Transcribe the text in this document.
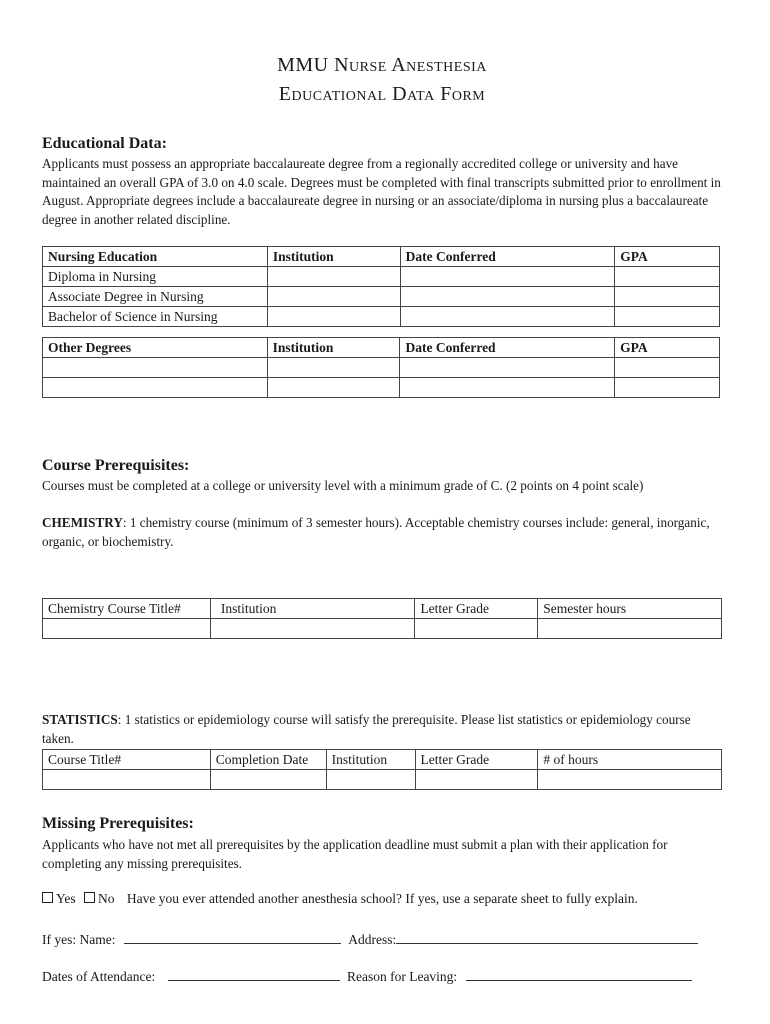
MMU Nurse Anesthesia
Educational Data Form
Educational Data:
Applicants must possess an appropriate baccalaureate degree from a regionally accredited college or university and have maintained an overall GPA of 3.0 on 4.0 scale. Degrees must be completed with final transcripts submitted prior to enrollment in August. Appropriate degrees include a baccalaureate degree in nursing or an associate/diploma in nursing plus a baccalaureate degree in another related discipline.
Nursing Education	Institution	Date Conferred	GPA
Diploma in Nursing			
Associate Degree in Nursing			
Bachelor of Science in Nursing			
Other Degrees	Institution	Date Conferred	GPA

Course Prerequisites:
Courses must be completed at a college or university level with a minimum grade of C. (2 points on 4 point scale)
CHEMISTRY: 1 chemistry course (minimum of 3 semester hours). Acceptable chemistry courses include: general, inorganic, organic, or biochemistry.
Chemistry Course Title#	Institution	Letter Grade	Semester hours

STATISTICS: 1 statistics or epidemiology course will satisfy the prerequisite. Please list statistics or epidemiology course taken.
Course Title#	Completion Date	Institution	Letter Grade	# of hours

Missing Prerequisites:
Applicants who have not met all prerequisites by the application deadline must submit a plan with their application for completing any missing prerequisites.
Yes No Have you ever attended another anesthesia school? If yes, use a separate sheet to fully explain.
If yes: Name:	Address:
Dates of Attendance:	Reason for Leaving:
